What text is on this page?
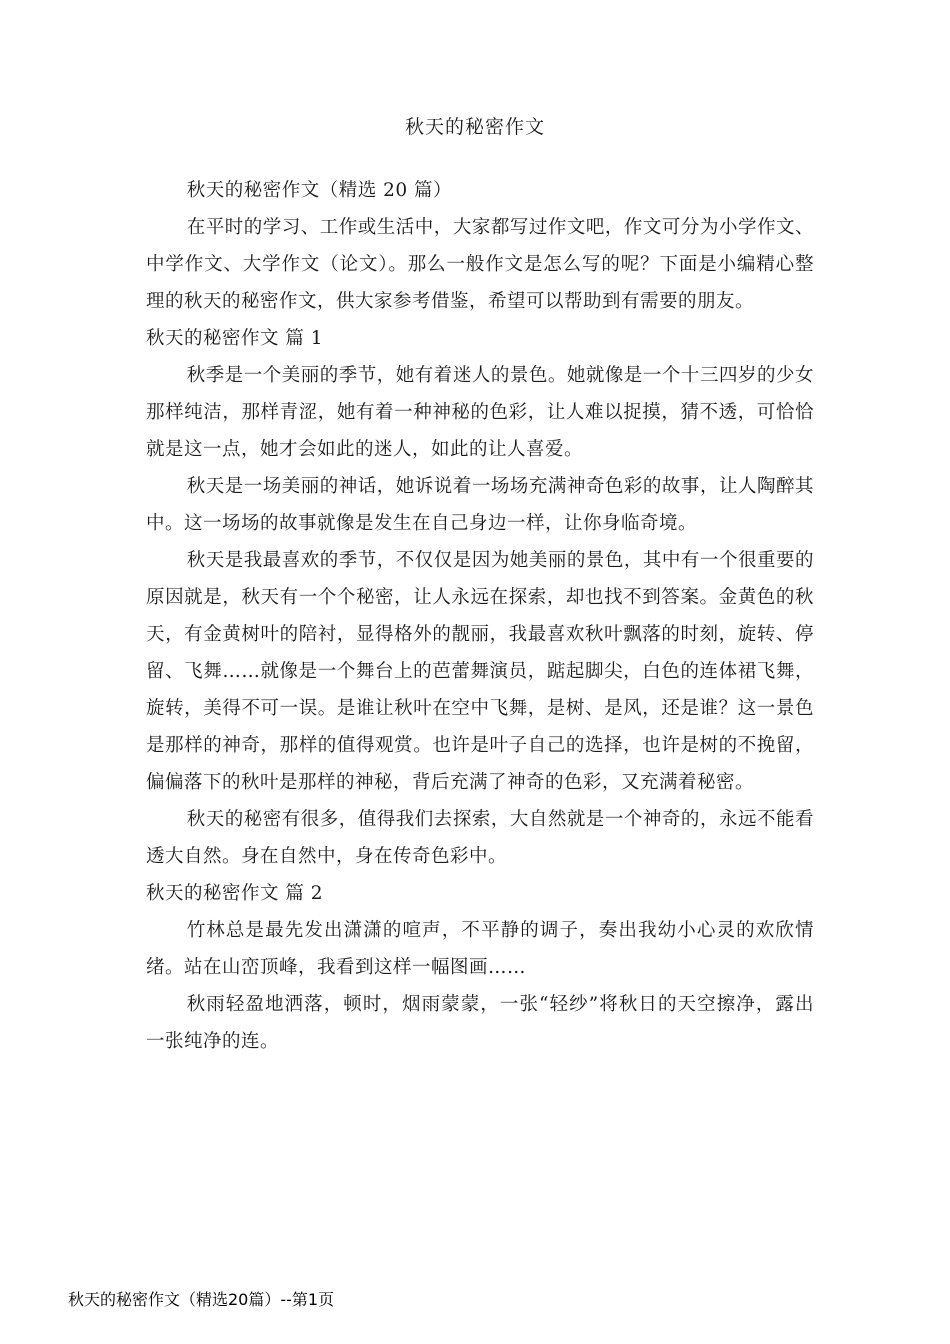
秋天的秘密作文

秋天的秘密作文（精选 20 篇）

在平时的学习、工作或生活中，大家都写过作文吧，作文可分为小学作文、中学作文、大学作文（论文）。那么一般作文是怎么写的呢？下面是小编精心整理的秋天的秘密作文，供大家参考借鉴，希望可以帮助到有需要的朋友。

秋天的秘密作文 篇 1

秋季是一个美丽的季节，她有着迷人的景色。她就像是一个十三四岁的少女那样纯洁，那样青涩，她有着一种神秘的色彩，让人难以捉摸，猜不透，可恰恰就是这一点，她才会如此的迷人，如此的让人喜爱。

秋天是一场美丽的神话，她诉说着一场场充满神奇色彩的故事，让人陶醉其中。这一场场的故事就像是发生在自己身边一样，让你身临奇境。

秋天是我最喜欢的季节，不仅仅是因为她美丽的景色，其中有一个很重要的原因就是，秋天有一个个秘密，让人永远在探索，却也找不到答案。金黄色的秋天，有金黄树叶的陪衬，显得格外的靓丽，我最喜欢秋叶飘落的时刻，旋转、停留、飞舞……就像是一个舞台上的芭蕾舞演员，踮起脚尖，白色的连体裙飞舞，旋转，美得不可一误。是谁让秋叶在空中飞舞，是树、是风，还是谁？这一景色是那样的神奇，那样的值得观赏。也许是叶子自己的选择，也许是树的不挽留，偏偏落下的秋叶是那样的神秘，背后充满了神奇的色彩，又充满着秘密。

秋天的秘密有很多，值得我们去探索，大自然就是一个神奇的，永远不能看透大自然。身在自然中，身在传奇色彩中。

秋天的秘密作文 篇 2

竹林总是最先发出潇潇的喧声，不平静的调子，奏出我幼小心灵的欢欣情绪。站在山峦顶峰，我看到这样一幅图画……

秋雨轻盈地洒落，顿时，烟雨蒙蒙，一张“轻纱”将秋日的天空擦净，露出一张纯净的连。

秋天的秘密作文（精选20篇）--第1页
